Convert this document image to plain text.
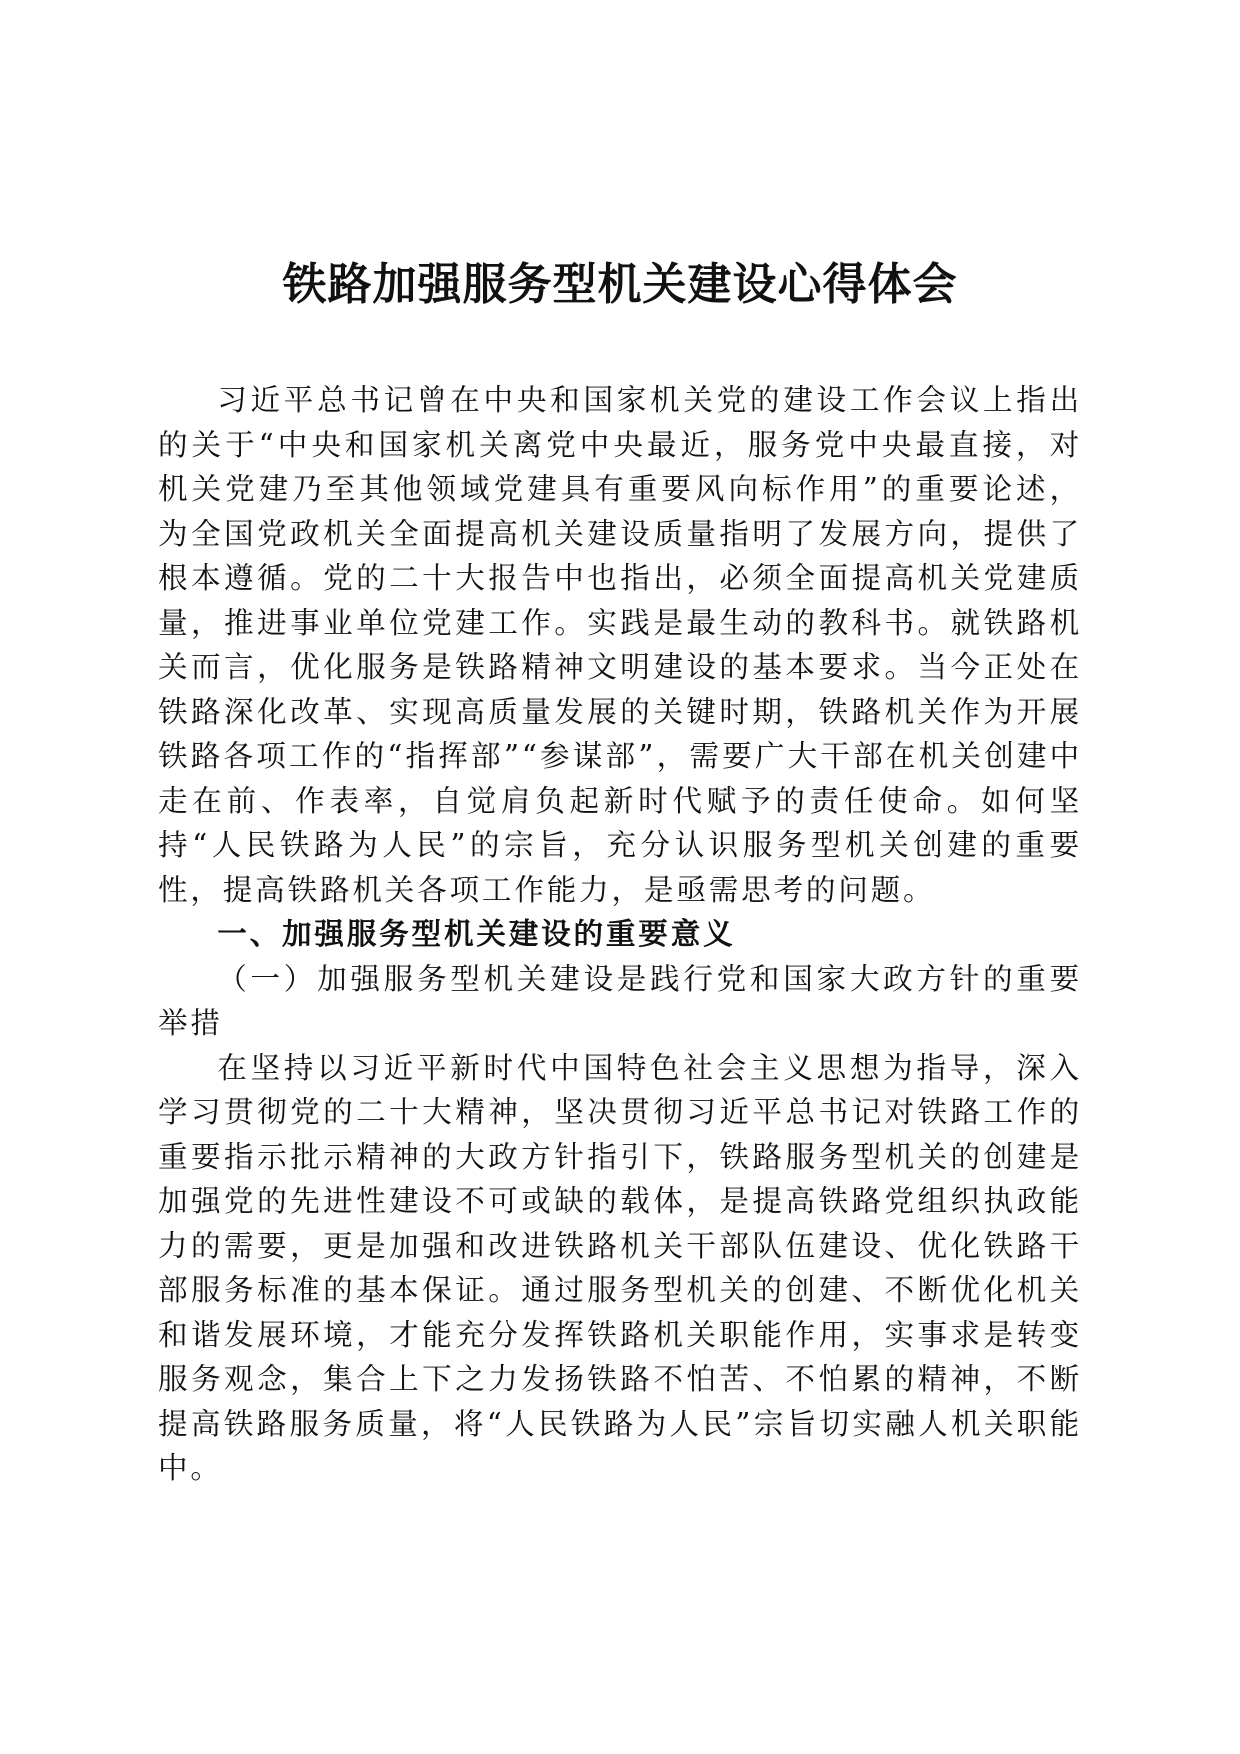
铁路加强服务型机关建设心得体会

习近平总书记曾在中央和国家机关党的建设工作会议上指出的关于“中央和国家机关离党中央最近，服务党中央最直接，对机关党建乃至其他领域党建具有重要风向标作用”的重要论述，为全国党政机关全面提高机关建设质量指明了发展方向，提供了根本遵循。党的二十大报告中也指出，必须全面提高机关党建质量，推进事业单位党建工作。实践是最生动的教科书。就铁路机关而言，优化服务是铁路精神文明建设的基本要求。当今正处在铁路深化改革、实现高质量发展的关键时期，铁路机关作为开展铁路各项工作的“指挥部”“参谋部”，需要广大干部在机关创建中走在前、作表率，自觉肩负起新时代赋予的责任使命。如何坚持“人民铁路为人民”的宗旨，充分认识服务型机关创建的重要性，提高铁路机关各项工作能力，是亟需思考的问题。

一、加强服务型机关建设的重要意义
（一）加强服务型机关建设是践行党和国家大政方针的重要举措

在坚持以习近平新时代中国特色社会主义思想为指导，深入学习贯彻党的二十大精神，坚决贯彻习近平总书记对铁路工作的重要指示批示精神的大政方针指引下，铁路服务型机关的创建是加强党的先进性建设不可或缺的载体，是提高铁路党组织执政能力的需要，更是加强和改进铁路机关干部队伍建设、优化铁路干部服务标准的基本保证。通过服务型机关的创建、不断优化机关和谐发展环境，才能充分发挥铁路机关职能作用，实事求是转变服务观念，集合上下之力发扬铁路不怕苦、不怕累的精神，不断提高铁路服务质量，将“人民铁路为人民”宗旨切实融人机关职能中。
